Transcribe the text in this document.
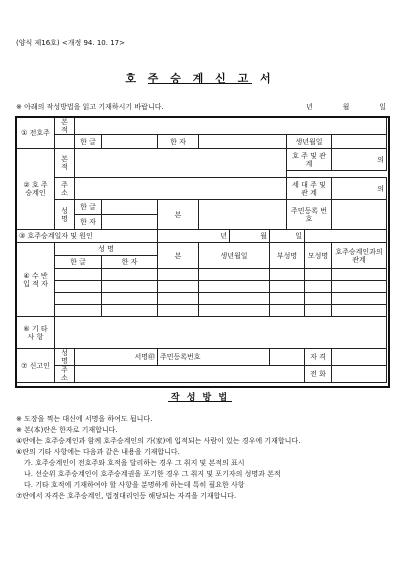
(양식 제16호) <개정 94. 10. 17>
호 주 승 계 신 고 서
※ 아래의 작성방법을 읽고 기재하시기 바랍니다.	년	월	일
① 전호주	본 적									
		한 글		한 자				생년월일		
② 호 주 승계인	본 적							호 주 및 관 계		의

	주 소							세 대 주 및 관 계		의
	성 명	한 글		본				주민등록 번 호		
		한 자								
③ 호주승계일자 및 원인				년		월	일			
④ 수 반 입 적 자	성 명			본	생년월일		부성명		모성명	호주승계인과의관계
	한 글		한 자							

⑥ 기 타 사 항										
⑦ 신고인	성 명	서명㊞		주민등록번호					자 격	
	주 소								전 화	
작 성 방 법

※ 도장을 찍는 대신에 서명을 하여도 됩니다.

※ 본(本)란은 한자로 기재합니다.

④란에는 호주승계인과 함께 호주승계인의 가(家)에 입적되는 사람이 있는 경우에 기재합니다.

⑥란의 기타 사항에는 다음과 같은 내용을 기재합니다.

가. 호주승계인이 전호주와 호적을 달리하는 경우 그 취지 및 본적의 표시

나. 선순위 호주승계인이 호주승계권을 포기한 경우 그 취지 및 포기자의 성명과 본적

다. 기타 호적에 기재하여야 할 사항을 분명하게 하는데 특히 필요한 사항

⑦란에서 자격은 호주승계인, 법정대리인등 해당되는 자격을 기재합니다.
